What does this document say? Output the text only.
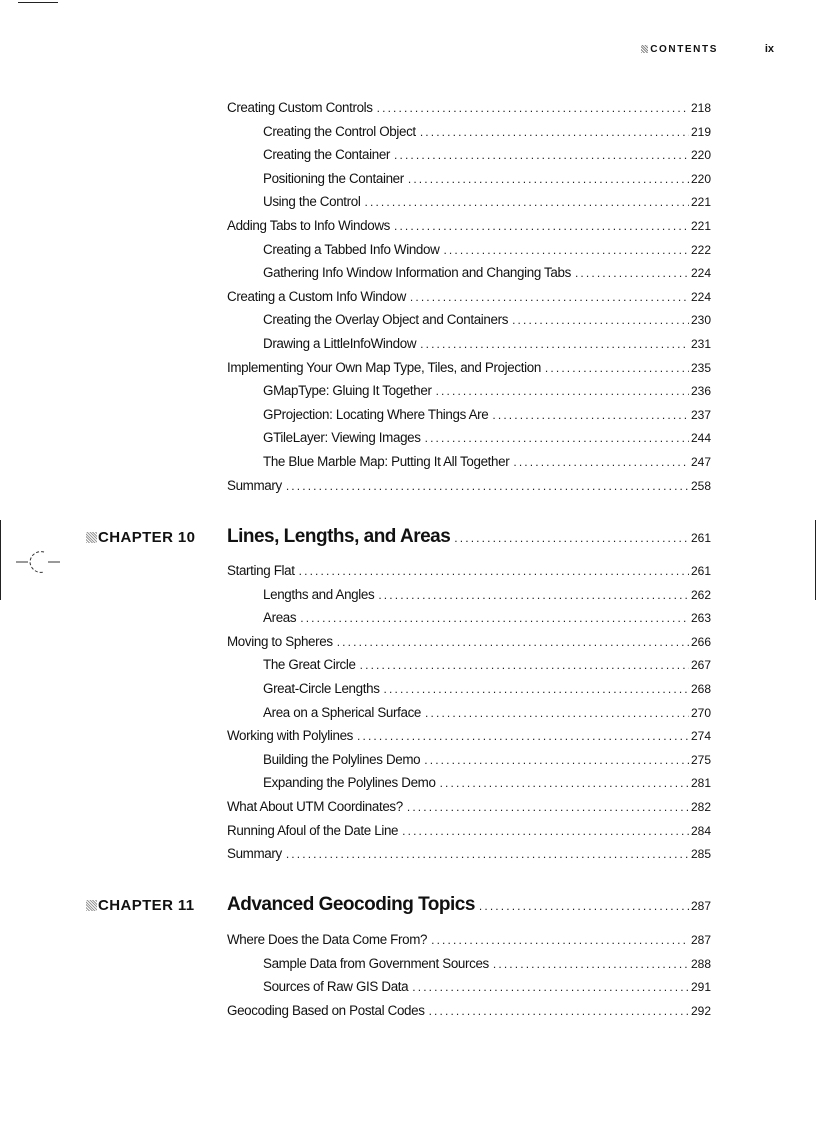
CONTENTS	ix
Creating Custom Controls . . .	218
Creating the Control Object . . .	219
Creating the Container . . .	220
Positioning the Container . . .	220
Using the Control . . .	221
Adding Tabs to Info Windows . . .	221
Creating a Tabbed Info Window . . .	222
Gathering Info Window Information and Changing Tabs . . .	224
Creating a Custom Info Window . . .	224
Creating the Overlay Object and Containers . . .	230
Drawing a LittleInfoWindow . . .	231
Implementing Your Own Map Type, Tiles, and Projection . . .	235
GMapType: Gluing It Together . . .	236
GProjection: Locating Where Things Are . . .	237
GTileLayer: Viewing Images . . .	244
The Blue Marble Map: Putting It All Together . . .	247
Summary . . .	258
CHAPTER 10	Lines, Lengths, and Areas . . .	261
Starting Flat . . .	261
Lengths and Angles . . .	262
Areas . . .	263
Moving to Spheres . . .	266
The Great Circle . . .	267
Great-Circle Lengths . . .	268
Area on a Spherical Surface . . .	270
Working with Polylines . . .	274
Building the Polylines Demo . . .	275
Expanding the Polylines Demo . . .	281
What About UTM Coordinates? . . .	282
Running Afoul of the Date Line . . .	284
Summary . . .	285
CHAPTER 11	Advanced Geocoding Topics . . .	287
Where Does the Data Come From? . . .	287
Sample Data from Government Sources . . .	288
Sources of Raw GIS Data . . .	291
Geocoding Based on Postal Codes . . .	292
